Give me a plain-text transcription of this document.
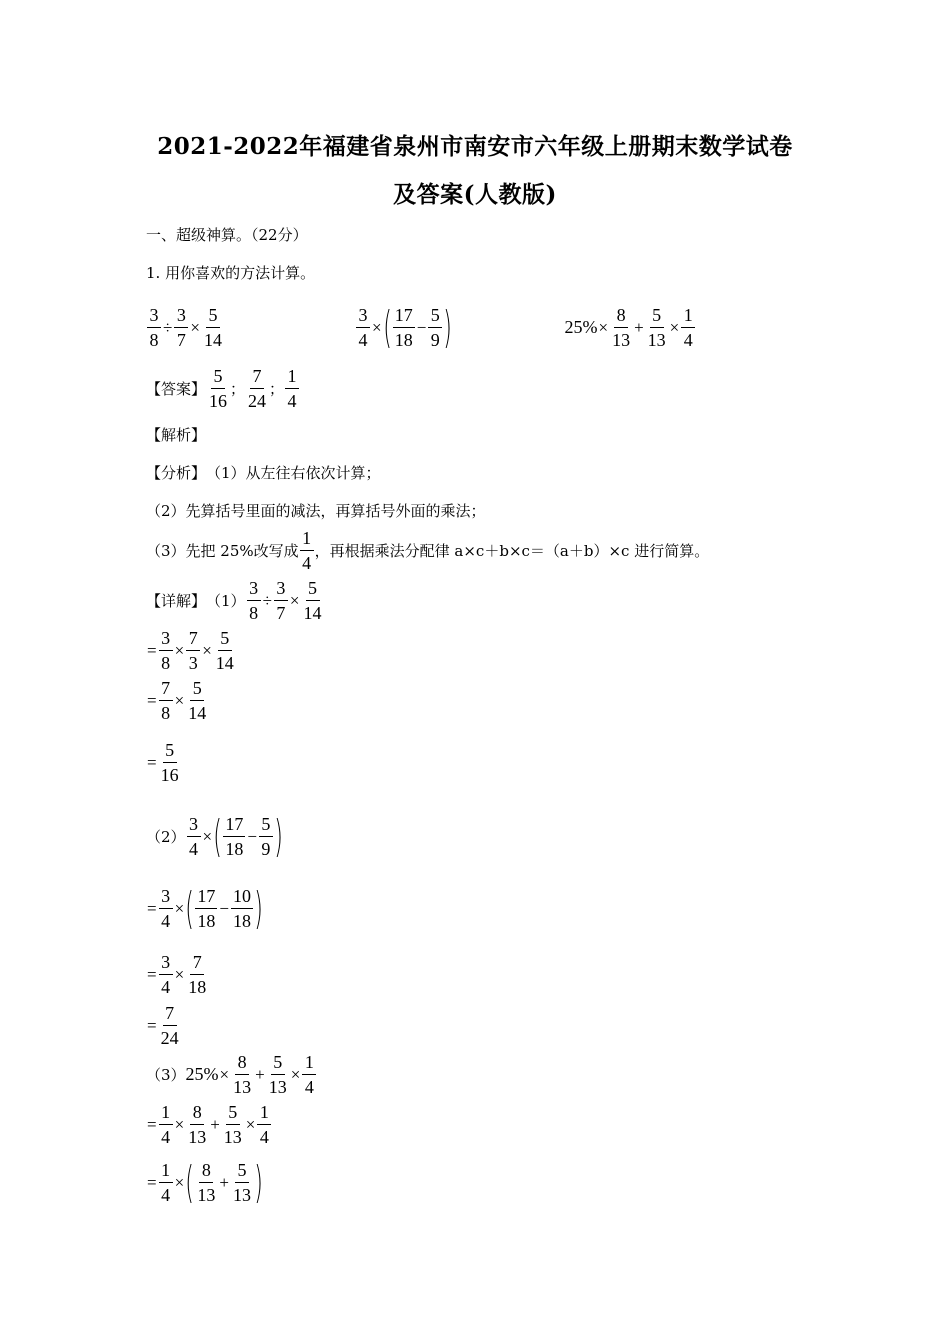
2021-2022年福建省泉州市南安市六年级上册期末数学试卷
及答案(人教版)
一、超级神算。（22分）
1. 用你喜欢的方法计算。
$\frac{3}{8} \div \frac{3}{7} \times \frac{5}{14}$	$\frac{3}{4}$ × ( $\frac{17}{18} - \frac{5}{9}$ )	$25\% \times \frac{8}{13} + \frac{5}{13} \times \frac{1}{4}$
【答案】 $\frac{5}{16}$ ； $\frac{7}{24}$ ； $\frac{1}{4}$
【解析】
【分析】 （1）从左往右依次计算；
（2）先算括号里面的减法，再算括号外面的乘法；
（3）先把 25%改写成 $\frac{1}{4}$ ，再根据乘法分配律 a×c＋b×c＝（a＋b）×c 进行简算。
【详解】 $(1) \frac{3}{8} \div \frac{3}{7} \times \frac{5}{14}$
= $\frac{3}{8} \times \frac{7}{3} \times \frac{5}{14}$
= $\frac{7}{8} \times \frac{5}{14}$
= $\frac{5}{16}$
$(2) \frac{3}{4}$ × ( $\frac{17}{18} - \frac{5}{9}$ )
= $\frac{3}{4}$ × ( $\frac{17}{18} - \frac{10}{18}$ )
= $\frac{3}{4} \times \frac{7}{18}$
= $\frac{7}{24}$
（3） $25\% \times \frac{8}{13} + \frac{5}{13} \times \frac{1}{4}$
= $\frac{1}{4} \times \frac{8}{13} + \frac{5}{13} \times \frac{1}{4}$
= $\frac{1}{4}$ × ( $\frac{8}{13} + \frac{5}{13}$ )
